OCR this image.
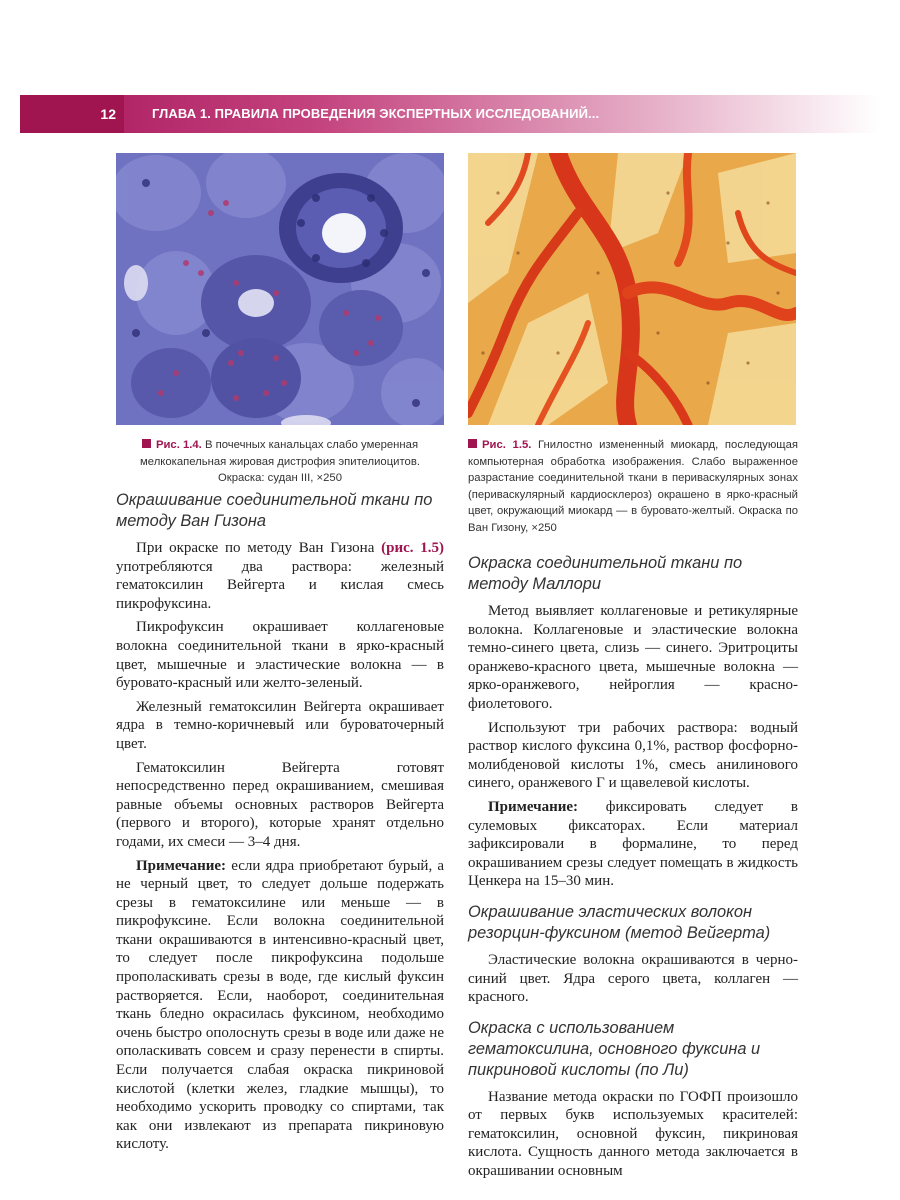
12	ГЛАВА 1. ПРАВИЛА ПРОВЕДЕНИЯ ЭКСПЕРТНЫХ ИССЛЕДОВАНИЙ...
Рис. 1.4. В почечных канальцах слабо умеренная мелкокапельная жировая дистрофия эпителиоцитов. Окраска: судан III, ×250
Рис. 1.5. Гнилостно измененный миокард, последующая компьютерная обработка изображения. Слабо выраженное разрастание соединительной ткани в периваскулярных зонах (периваскулярный кардиосклероз) окрашено в ярко-красный цвет, окружающий миокард — в буровато-желтый. Окраска по Ван Гизону, ×250
Окрашивание соединительной ткани по методу Ван Гизона

При окраске по методу Ван Гизона (рис. 1.5) употребляются два раствора: железный гематоксилин Вейгерта и кислая смесь пикрофуксина.

Пикрофуксин окрашивает коллагеновые волокна соединительной ткани в ярко-красный цвет, мышечные и эластические волокна — в буровато-красный или желто-зеленый.

Железный гематоксилин Вейгерта окрашивает ядра в темно-коричневый или буроваточерный цвет.

Гематоксилин Вейгерта готовят непосредственно перед окрашиванием, смешивая равные объемы основных растворов Вейгерта (первого и второго), которые хранят отдельно годами, их смеси — 3–4 дня.

Примечание: если ядра приобретают бурый, а не черный цвет, то следует дольше подержать срезы в гематоксилине или меньше — в пикрофуксине. Если волокна соединительной ткани окрашиваются в интенсивно-красный цвет, то следует после пикрофуксина подольше прополаскивать срезы в воде, где кислый фуксин растворяется. Если, наоборот, соединительная ткань бледно окрасилась фуксином, необходимо очень быстро ополоснуть срезы в воде или даже не ополаскивать совсем и сразу перенести в спирты. Если получается слабая окраска пикриновой кислотой (клетки желез, гладкие мышцы), то необходимо ускорить проводку со спиртами, так как они извлекают из препарата пикриновую кислоту.

Окраска соединительной ткани по методу Маллори

Метод выявляет коллагеновые и ретикулярные волокна. Коллагеновые и эластические волокна темно-синего цвета, слизь — синего. Эритроциты оранжево-красного цвета, мышечные волокна — ярко-оранжевого, нейроглия — красно-фиолетового.

Используют три рабочих раствора: водный раствор кислого фуксина 0,1%, раствор фосфорно-молибденовой кислоты 1%, смесь анилинового синего, оранжевого Г и щавелевой кислоты.

Примечание: фиксировать следует в сулемовых фиксаторах. Если материал зафиксировали в формалине, то перед окрашиванием срезы следует помещать в жидкость Ценкера на 15–30 мин.

Окрашивание эластических волокон резорцин-фуксином (метод Вейгерта)

Эластические волокна окрашиваются в черно-синий цвет. Ядра серого цвета, коллаген — красного.

Окраска с использованием гематоксилина, основного фуксина и пикриновой кислоты (по Ли)

Название метода окраски по ГОФП произошло от первых букв используемых красителей: гематоксилин, основной фуксин, пикриновая кислота. Сущность данного метода заключается в окрашивании основным
